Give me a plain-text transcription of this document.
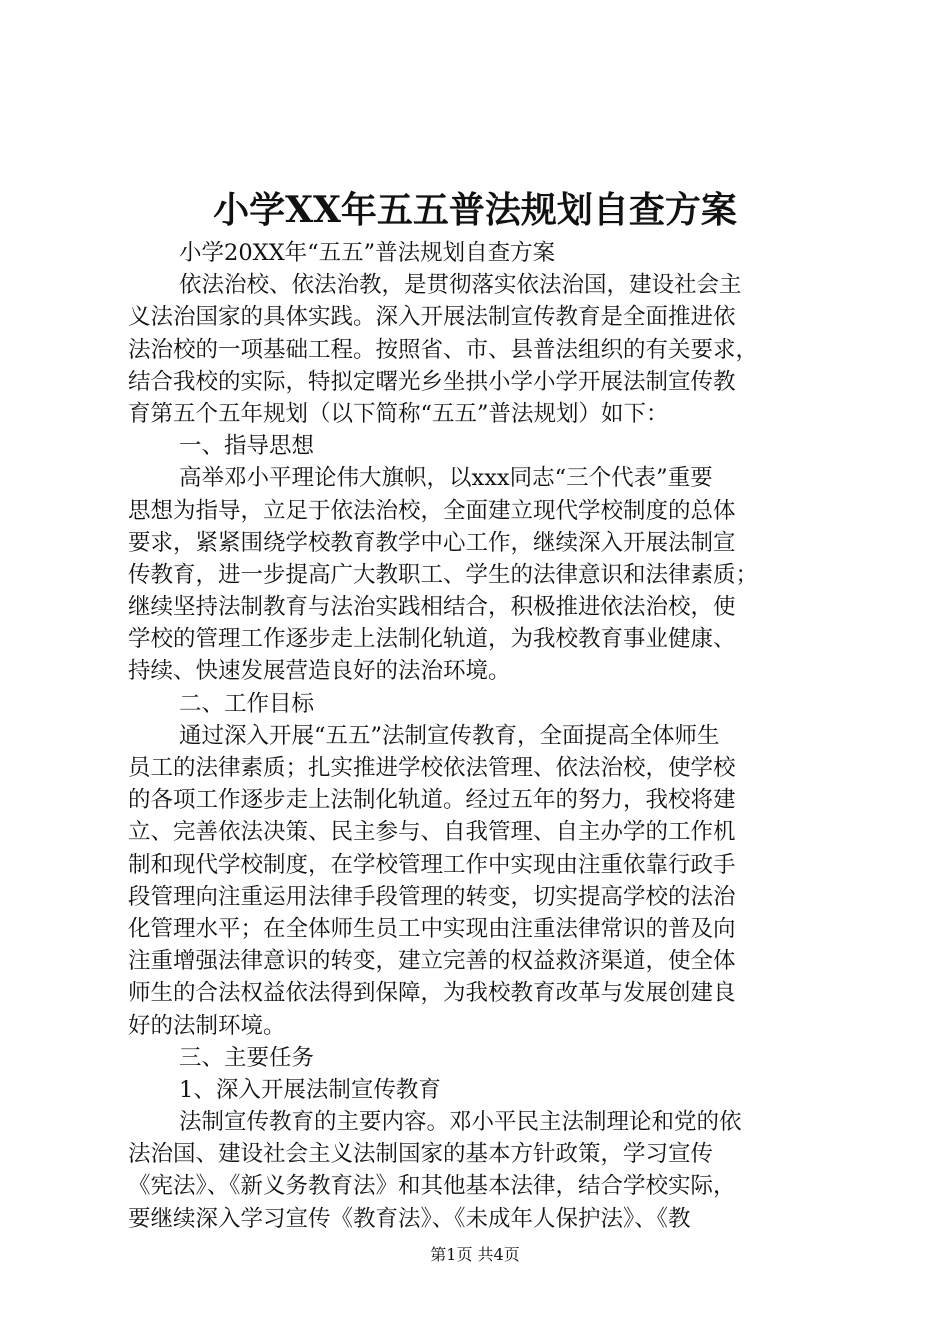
小学XX年五五普法规划自查方案
小学20XX年“五五”普法规划自查方案
依法治校、依法治教，是贯彻落实依法治国，建设社会主
义法治国家的具体实践。深入开展法制宣传教育是全面推进依
法治校的一项基础工程。按照省、市、县普法组织的有关要求，
结合我校的实际，特拟定曙光乡坐拱小学小学开展法制宣传教
育第五个五年规划（以下简称“五五”普法规划）如下：
一、指导思想
高举邓小平理论伟大旗帜，以xxx同志“三个代表”重要
思想为指导，立足于依法治校，全面建立现代学校制度的总体
要求，紧紧围绕学校教育教学中心工作，继续深入开展法制宣
传教育，进一步提高广大教职工、学生的法律意识和法律素质；
继续坚持法制教育与法治实践相结合，积极推进依法治校，使
学校的管理工作逐步走上法制化轨道，为我校教育事业健康、
持续、快速发展营造良好的法治环境。
二、工作目标
通过深入开展“五五”法制宣传教育，全面提高全体师生
员工的法律素质；扎实推进学校依法管理、依法治校，使学校
的各项工作逐步走上法制化轨道。经过五年的努力，我校将建
立、完善依法决策、民主参与、自我管理、自主办学的工作机
制和现代学校制度，在学校管理工作中实现由注重依靠行政手
段管理向注重运用法律手段管理的转变，切实提高学校的法治
化管理水平；在全体师生员工中实现由注重法律常识的普及向
注重增强法律意识的转变，建立完善的权益救济渠道，使全体
师生的合法权益依法得到保障，为我校教育改革与发展创建良
好的法制环境。
三、主要任务
1、深入开展法制宣传教育
法制宣传教育的主要内容。邓小平民主法制理论和党的依
法治国、建设社会主义法制国家的基本方针政策，学习宣传
《宪法》、《新义务教育法》和其他基本法律，结合学校实际，
要继续深入学习宣传《教育法》、《未成年人保护法》、《教
第1页 共4页
